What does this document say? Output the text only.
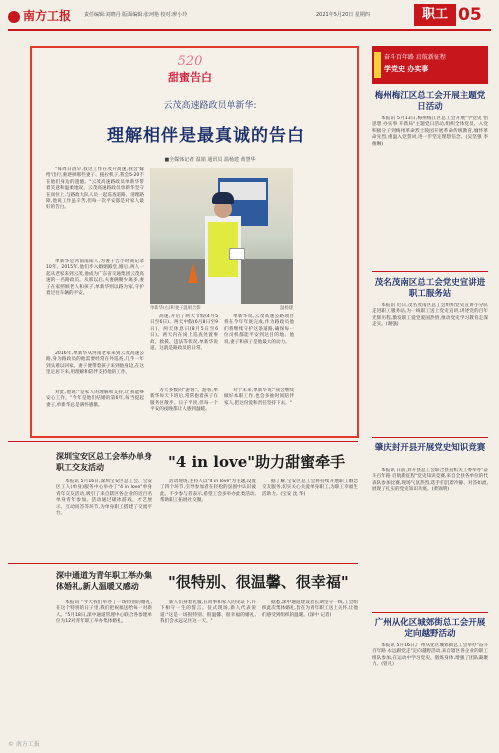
南方工报	责任编辑:刘晓丹 版面编辑:张珂艳 校对:廖小玲	2021年5月20日 星期四	职工 05
520
甜蜜告白
云茂高速路政员单新华:
理解相伴是最真诚的告白
■全媒体记者 温娟 通讯员 温杨建 黄慧华
"每周日清早,我这工作在茂开高速,我会'嫁给'出行,驱逐掉那些妻子、拖拉机子,我会5·20不在他们身边的遗憾。"云茂高速路政员单新华带着笑意和温柔地说。云茂高速路政员单新华坚守在岗位上,与路政大队人员一起巡查道路、清理路障,他说工作虽辛苦,但每一次平安都是对家人最好的告白。
单新华是河南南阳人,为妻子告小时间记录10年。2015年,他们步入婚姻殿堂,婚后,两人一起从老家来到云茂,他成为广东省交通集团云茂高速的一名路政员。从那以后,夫妻俩聚少离多,妻子在家照顾老人和孩子,单新华则以路为家,守护着过往车辆的平安。
2016年,单新华从河南老家来到云茂高速公路,身为路政员的他需要经常在外巡查,几乎一年到头难以回家。妻子便带着孩子来到他身边,在这里定居下来,用理解和陪伴支持他的工作。
对此,他说:"是家人的理解和支持,让我能够安心工作。"今年是他们结婚的第6年,每当提起妻子,单新华总是满怀感激。
单新华(右)和妻子温娟合影	温杨建
高速,开启了两天节假(4月5日至6日)、两天中假(6月8日至9日)、两天休息日(8月5日至6日)。两天内在岗上巡查处置事故、救援、违法等状况,单新华说道。这就是路政员的日常。
为大多数的"游客"、游客,单新华每天下班后,常常抱着孩子在服务区散步。日子平淡,但每一个平安的夜晚都让人感到温暖。
单新华说,云茂高速公路项目将在今年年底完成,作为路政员他们将继续守护这条道路,确保每一位司机都能平安到达目的地。他说,妻子和孩子是他最大的动力。
对于未来,单新华说:"我会继续做好本职工作,也会多抽时间陪伴家人,把这份爱和责任坚持下去。"
深圳宝安区总工会举办单身职工交友活动	"4 in love"助力甜蜜牵手
本报讯 5月16日,深圳宝安区总工会、宝安区工人(单身)服务中心举办了"4 in love"单身青年交友活动,吸引了来自辖区各企业的近百名单身青年参加。活动通过破冰游戏、才艺展示、互动问答等环节,为单身职工搭建了交流平台。
活动现场,主持人以"4 in love"为主题,设置了四个环节,引导参加者在轻松的氛围中认识彼此。不少参与者表示,希望工会多举办此类活动,帮助职工拓展社交圈。
据了解,宝安区总工会将持续开展职工婚恋交友服务,切实关心关爱单身职工,为职工幸福生活助力。(宝安 沈 华)
深中通道为青年职工举办集体婚礼,新人温暖又感动	"很特别、很温馨、很幸福"
本报讯 "今天我们举办了一场特别的婚礼,在这个特别的日子里,我们把祝福送给每一对新人。"5月18日,深中通道管理中心联合各参建单位为12对青年职工举办集体婚礼。
新人们身着礼服,在同事和家人的见证下,许下相守一生的誓言。仪式现场,新人代表说道:"这是一场很特别、很温馨、很幸福的婚礼,我们会永远记住这一天。"
据悉,深中通道建设者长期坚守一线,工会组织此次集体婚礼,旨在为青年职工送上关怀,让他们感受到组织的温暖。(深中 记者)
奋斗百年路 启航新征程
学党史 办实事
梅州梅江区总工会开展主题党日活动
本报讯 5月13日,梅州梅江区总工会开展"学党史 悟思想 办实事 开新局"主题党日活动,组织全体党员、入党积极分子到梅州革命烈士陵园开展革命传统教育,缅怀革命先烈,重温入党誓词,进一步坚定理想信念。(吴坚强 李俊琳)
茂名茂南区总工会党史宣讲进职工服务站
本报讯 近日,茂名茂南区总工会组织党史宣讲小分队走进职工服务站,为一线职工送上党史宣讲,讲述党的百年光辉历程,激发职工爱党爱国热情,推动党史学习教育走深走实。(谢强)
肇庆封开县开展党史知识竞赛
本报讯 日前,封开县总工会联合县直机关工委举办"奋斗百年路 启航新征程"党史知识竞赛,来自全县各单位的代表队参加比赛,现场气氛热烈,选手们沉着冷静、对答如流,展现了扎实的党史知识功底。(黄锦明)
广州从化区城郊街总工会开展定向越野活动
本报讯 5月16日,广州从化区城郊街总工会举办"奋斗百年路 永远跟党走"定向越野活动,来自辖区各企业的职工组队参加,在运动中学习党史、锻炼身体,增强了团队凝聚力。(曾凡)
© 南方工报
